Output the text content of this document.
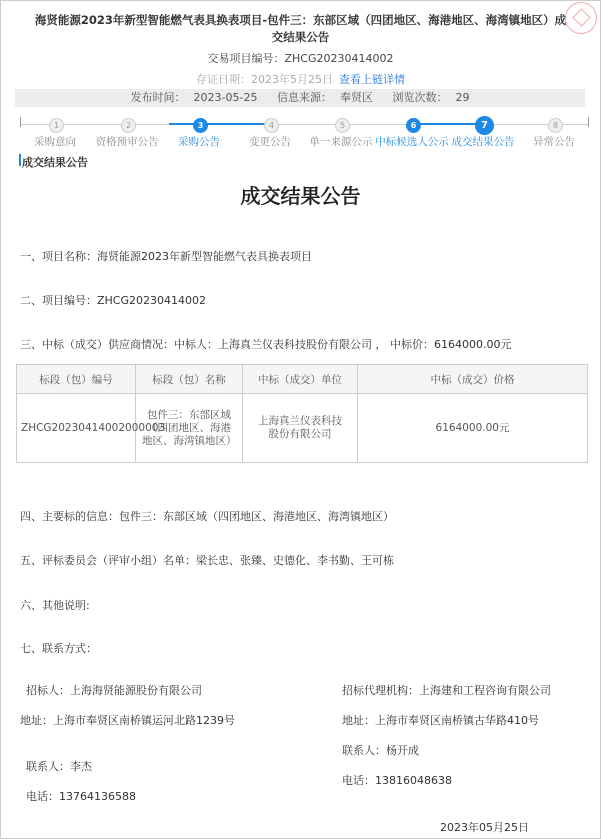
海贤能源2023年新型智能燃气表具换表项目-包件三：东部区域（四团地区、海港地区、海湾镇地区）成交结果公告
交易项目编号：ZHCG20230414002
存证日期：2023年5月25日 查看上链详情
发布时间： 2023-05-25 信息来源： 奉贤区 浏览次数： 29
1
采购意向
2
资格预审公告
3
采购公告
4
变更公告
5
单一来源公示
6
中标候选人公示
7
成交结果公告
8
异常公告
成交结果公告
成交结果公告
一、项目名称：海贤能源2023年新型智能燃气表具换表项目
二、项目编号：ZHCG20230414002
三、中标（成交）供应商情况：中标人：上海真兰仪表科技股份有限公司 ， 中标价：6164000.00元
标段（包）编号	标段（包）名称	中标（成交）单位	中标（成交）价格
ZHCG20230414002000003	包件三：东部区域（四团地区、海港地区、海湾镇地区）	上海真兰仪表科技股份有限公司	6164000.00元
四、主要标的信息：包件三：东部区域（四团地区、海港地区、海湾镇地区）
五、评标委员会（评审小组）名单：梁长忠、张臻、史德化、李书勤、王可栋
六、其他说明:
七、联系方式：
招标人：上海海贤能源股份有限公司
地址：上海市奉贤区南桥镇运河北路1239号
联系人：李杰
电话：13764136588
招标代理机构：上海建和工程咨询有限公司
地址：上海市奉贤区南桥镇古华路410号
联系人：杨开成
电话：13816048638
2023年05月25日
